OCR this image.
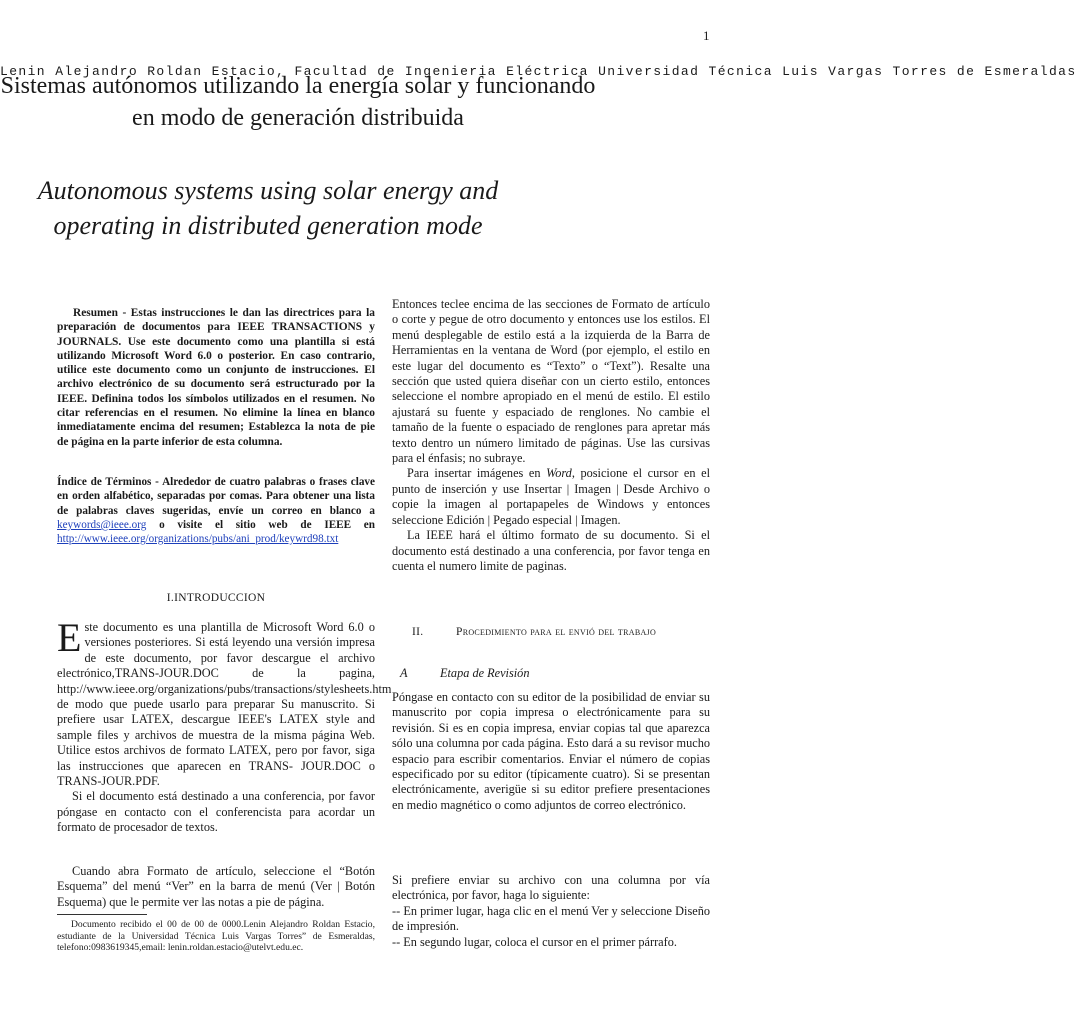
1
Sistemas autónomos utilizando la energía solar y funcionando en modo de generación distribuida
Lenin Alejandro Roldan Estacio, Facultad de Ingenieria Eléctrica Universidad Técnica Luis Vargas Torres de Esmeraldas
Autonomous systems using solar energy and operating in distributed generation mode
Resumen - Estas instrucciones le dan las directrices para la preparación de documentos para IEEE TRANSACTIONS y JOURNALS. Use este documento como una plantilla si está utilizando Microsoft Word 6.0 o posterior. En caso contrario, utilice este documento como un conjunto de instrucciones. El archivo electrónico de su documento será estructurado por la IEEE. Definina todos los símbolos utilizados en el resumen. No citar referencias en el resumen. No elimine la línea en blanco inmediatamente encima del resumen; Establezca la nota de pie de página en la parte inferior de esta columna.
Índice de Términos - Alrededor de cuatro palabras o frases clave en orden alfabético, separadas por comas. Para obtener una lista de palabras claves sugeridas, envíe un correo en blanco a keywords@ieee.org o visite el sitio web de IEEE en http://www.ieee.org/organizations/pubs/ani_prod/keywrd98.txt
I.INTRODUCCION

Este documento es una plantilla de Microsoft Word 6.0 o versiones posteriores. Si está leyendo una versión impresa de este documento, por favor descargue el archivo electrónico,TRANS-JOUR.DOC de la pagina, http://www.ieee.org/organizations/pubs/transactions/stylesheets.htm de modo que puede usarlo para preparar Su manuscrito. Si prefiere usar LATEX, descargue IEEE's LATEX style and sample files y archivos de muestra de la misma página Web. Utilice estos archivos de formato LATEX, pero por favor, siga las instrucciones que aparecen en TRANS- JOUR.DOC o TRANS-JOUR.PDF.

Si el documento está destinado a una conferencia, por favor póngase en contacto con el conferencista para acordar un formato de procesador de textos.

Cuando abra Formato de artículo, seleccione el “Botón Esquema” del menú “Ver” en la barra de menú (Ver | Botón Esquema) que le permite ver las notas a pie de página.

Documento recibido el 00 de 00 de 0000.Lenin Alejandro Roldan Estacio, estudiante de la Universidad Técnica Luis Vargas Torres” de Esmeraldas, telefono:0983619345,email: lenin.roldan.estacio@utelvt.edu.ec.

Entonces teclee encima de las secciones de Formato de artículo o corte y pegue de otro documento y entonces use los estilos. El menú desplegable de estilo está a la izquierda de la Barra de Herramientas en la ventana de Word (por ejemplo, el estilo en este lugar del documento es “Texto” o “Text”). Resalte una sección que usted quiera diseñar con un cierto estilo, entonces seleccione el nombre apropiado en el menú de estilo. El estilo ajustará su fuente y espaciado de renglones. No cambie el tamaño de la fuente o espaciado de renglones para apretar más texto dentro un número limitado de páginas. Use las cursivas para el énfasis; no subraye.

Para insertar imágenes en Word, posicione el cursor en el punto de inserción y use Insertar | Imagen | Desde Archivo o copie la imagen al portapapeles de Windows y entonces seleccione Edición | Pegado especial | Imagen.

La IEEE hará el último formato de su documento. Si el documento está destinado a una conferencia, por favor tenga en cuenta el numero limite de paginas.

II.	Procedimiento para el envió del trabajo
A	Etapa de Revisión

Póngase en contacto con su editor de la posibilidad de enviar su manuscrito por copia impresa o electrónicamente para su revisión. Si es en copia impresa, enviar copias tal que aparezca sólo una columna por cada página. Esto dará a su revisor mucho espacio para escribir comentarios. Enviar el número de copias especificado por su editor (típicamente cuatro). Si se presentan electrónicamente, averigüe si su editor prefiere presentaciones en medio magnético o como adjuntos de correo electrónico.

Si prefiere enviar su archivo con una columna por vía electrónica, por favor, haga lo siguiente:

-- En primer lugar, haga clic en el menú Ver y seleccione Diseño de impresión.

-- En segundo lugar, coloca el cursor en el primer párrafo.
